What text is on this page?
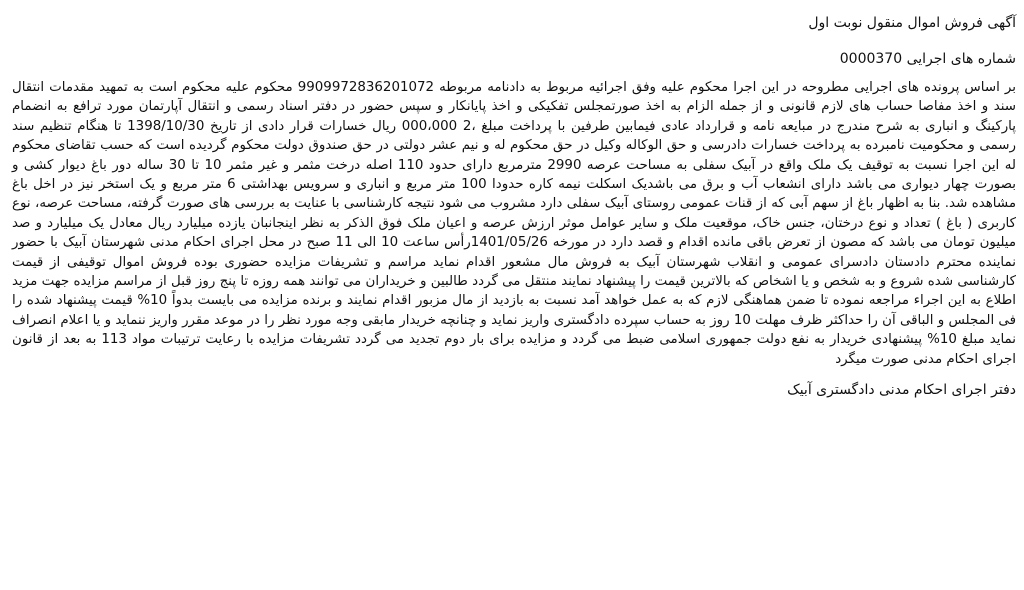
آگهی فروش اموال منقول نوبت اول

شماره های اجرایی 0000370

بر اساس پرونده های اجرایی مطروحه در این اجرا محکوم علیه وفق اجرائیه مربوط به دادنامه مربوطه 9909972836201072 محکوم علیه محکوم است به تمهید مقدمات انتقال سند و اخذ مفاصا حساب های لازم قانونی و از جمله الزام به اخذ صورتمجلس تفکیکی و اخذ پایانکار و سپس حضور در دفتر اسناد رسمی و انتقال آپارتمان مورد ترافع به انضمام پارکینگ و انباری به شرح مندرج در مبایعه نامه و قرارداد عادی فیمابین طرفین با پرداخت مبلغ ،2 000،000 ریال خسارات قرار دادی از تاریخ 1398/10/30 تا هنگام تنظیم سند رسمی و محکومیت نامبرده به پرداخت خسارات دادرسی و حق الوکاله وکیل در حق محکوم له و نیم عشر دولتی در حق صندوق دولت محکوم گردیده است که حسب تقاضای محکوم له این اجرا نسبت به توقیف یک ملک واقع در آبیک سفلی به مساحت عرصه 2990 مترمربع دارای حدود 110 اصله درخت مثمر و غیر مثمر 10 تا 30 ساله دور باغ دیوار کشی و بصورت چهار دیواری می باشد دارای انشعاب آب و برق می باشدیک اسکلت نیمه کاره حدودا 100 متر مربع و انباری و سرویس بهداشتی 6 متر مربع و یک استخر نیز در اخل باغ مشاهده شد. بنا به اظهار باغ از سهم آبی که از قنات عمومی روستای آبیک سفلی دارد مشروب می شود نتیجه کارشناسی با عنایت به بررسی های صورت گرفته، مساحت عرصه، نوع کاربری ( باغ ) تعداد و نوع درختان، جنس خاک، موقعیت ملک و سایر عوامل موثر ارزش عرصه و اعیان ملک فوق الذکر به نظر اینجانبان یازده میلیارد ریال معادل یک میلیارد و صد میلیون تومان می باشد که مصون از تعرض باقی مانده اقدام و قصد دارد در مورخه 1401/05/26رأس ساعت 10 الی 11 صبح در محل اجرای احکام مدنی شهرستان آبیک با حضور نماینده محترم دادستان دادسرای عمومی و انقلاب شهرستان آبیک به فروش مال مشعور اقدام نماید مراسم و تشریفات مزایده حضوری بوده فروش اموال توقیفی از قیمت کارشناسی شده شروع و به شخص و یا اشخاص که بالاترین قیمت را پیشنهاد نمایند منتقل می گردد طالبین و خریداران می توانند همه روزه تا پنج روز قبل از مراسم مزایده جهت مزید اطلاع به این اجراء مراجعه نموده تا ضمن هماهنگی لازم که به عمل خواهد آمد نسبت به بازدید از مال مزبور اقدام نمایند و برنده مزایده می بایست بدواً 10% قیمت پیشنهاد شده را فی المجلس و الباقی آن را حداکثر ظرف مهلت 10 روز به حساب سپرده دادگستری واریز نماید و چنانچه خریدار مابقی وجه مورد نظر را در موعد مقرر واریز ننماید و یا اعلام انصراف نماید مبلغ 10% پیشنهادی خریدار به نفع دولت جمهوری اسلامی ضبط می گردد و مزایده برای بار دوم تجدید می گردد تشریفات مزایده با رعایت ترتیبات مواد 113 به بعد از قانون اجرای احکام مدنی صورت میگرد

دفتر اجرای احکام مدنی دادگستری آبیک
